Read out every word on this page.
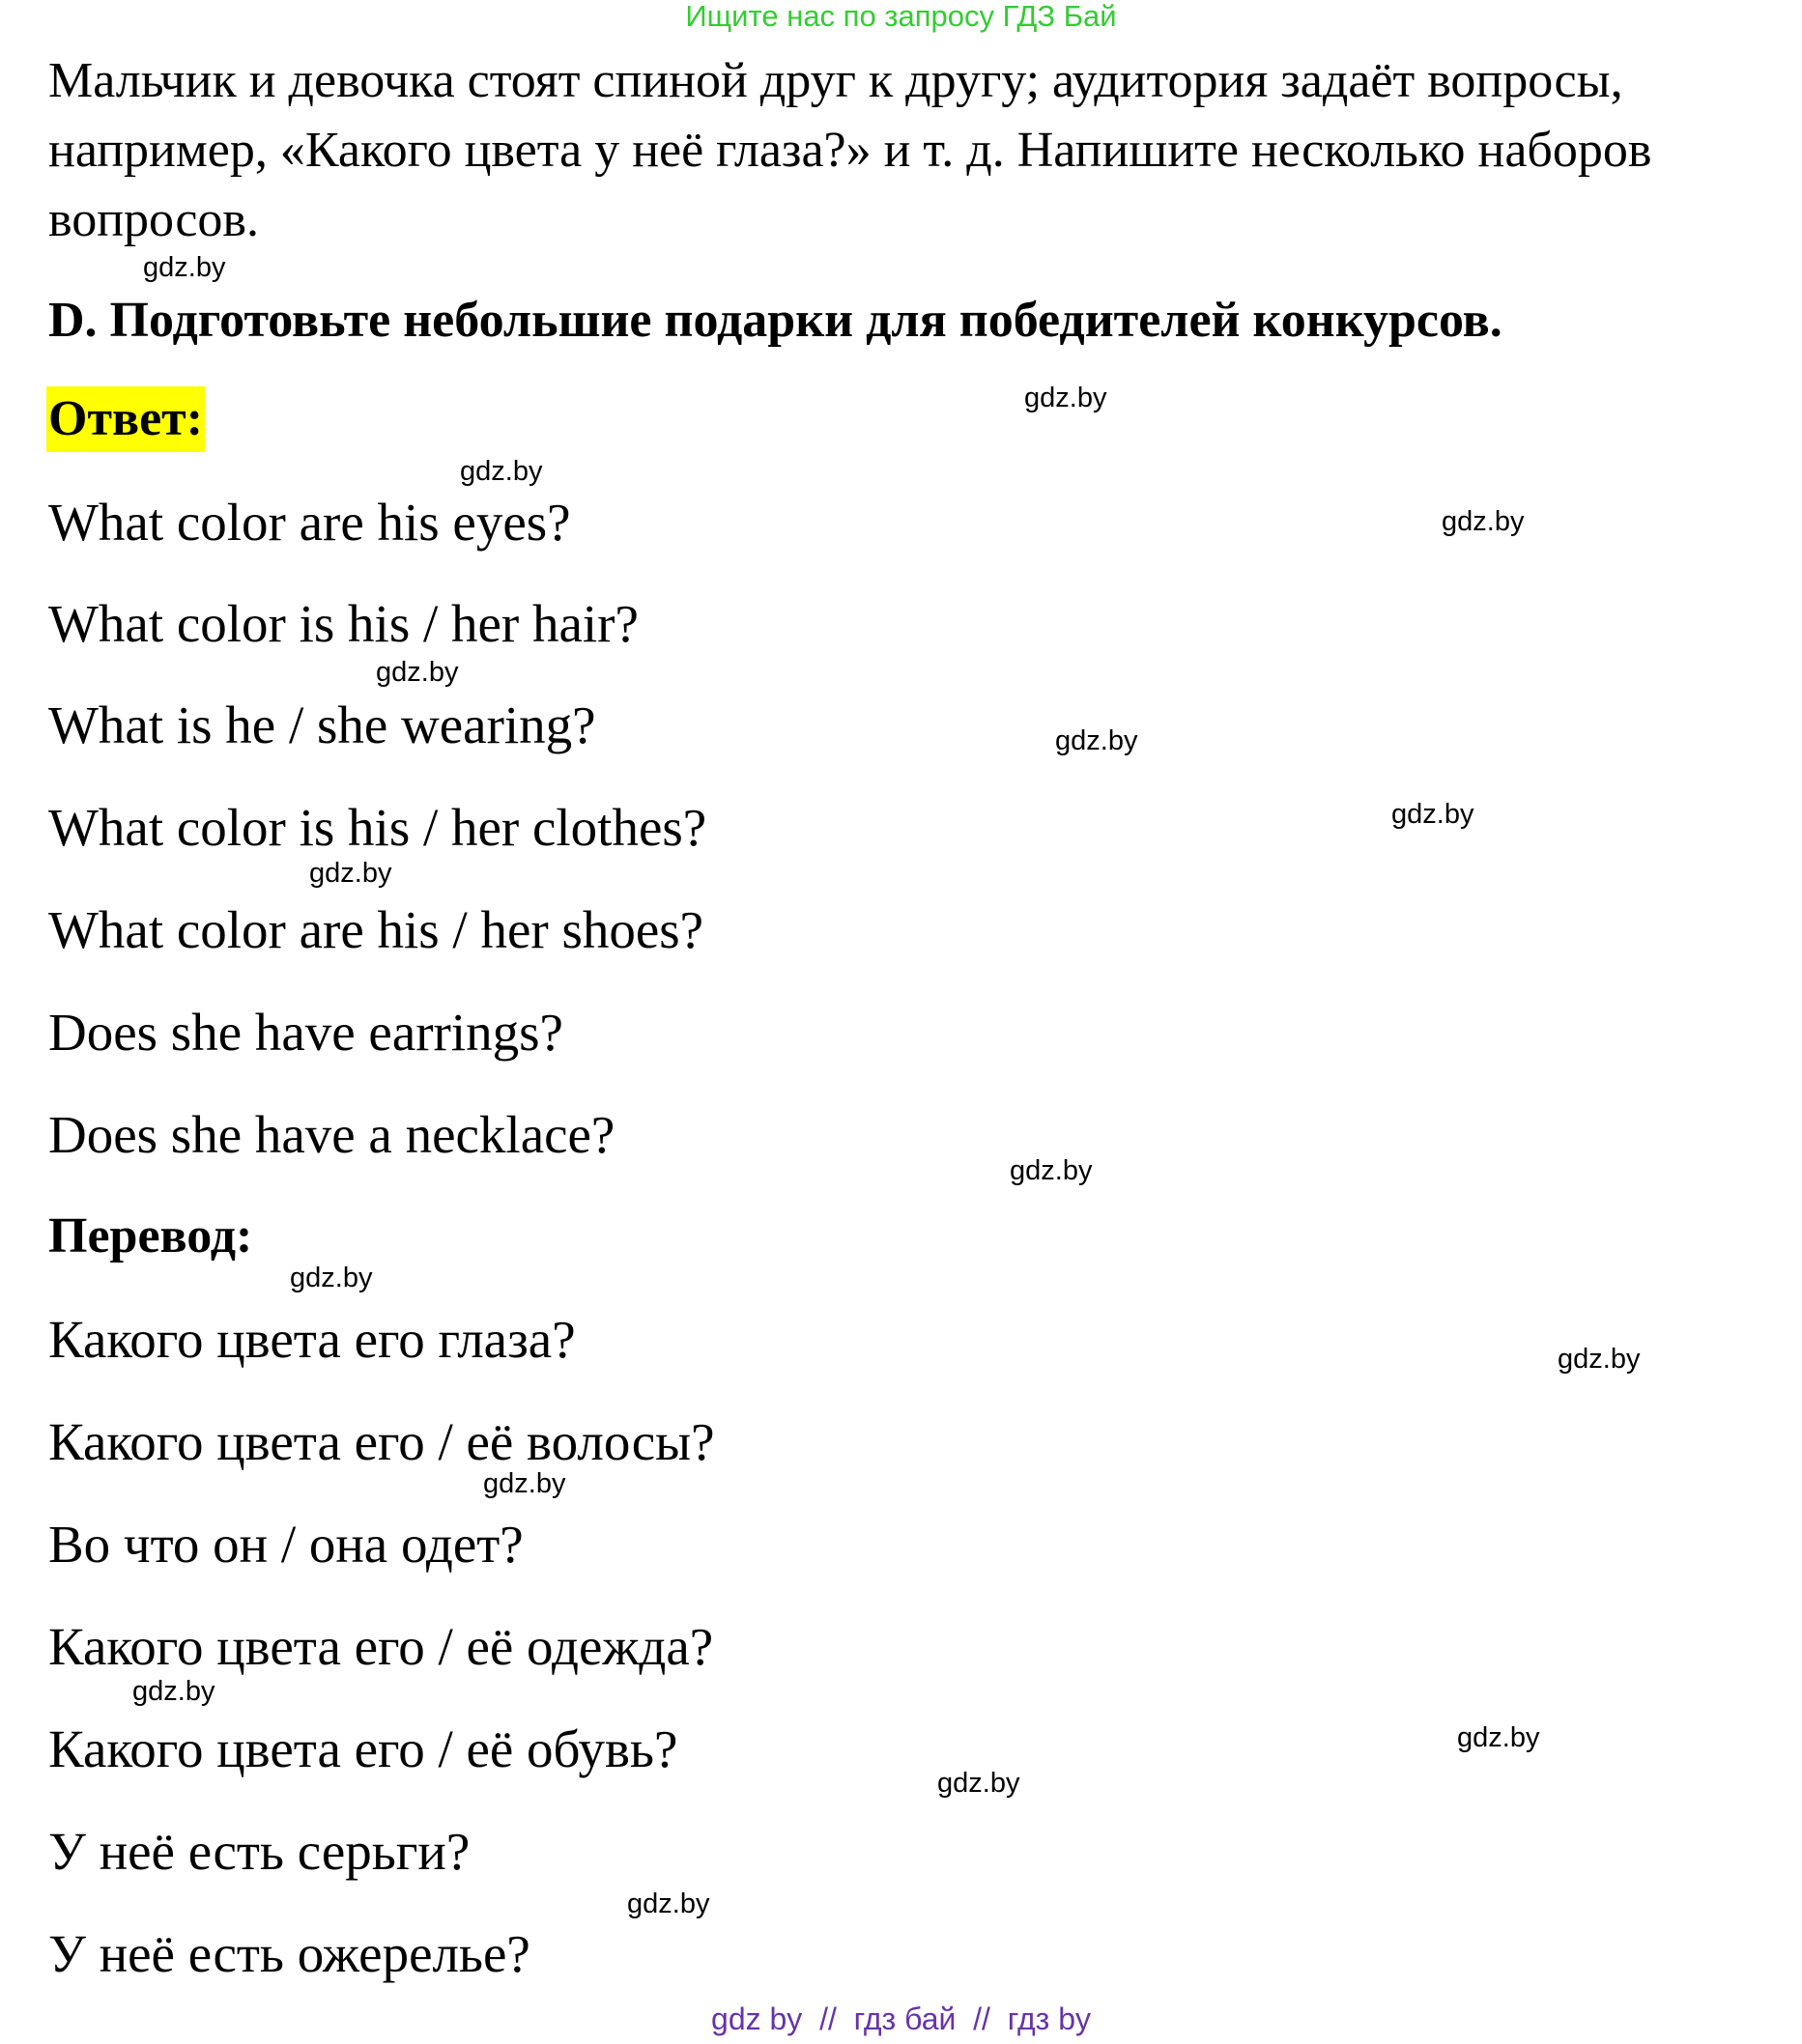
Ищите нас по запросу ГДЗ Бай

Мальчик и девочка стоят спиной друг к другу; аудитория задаёт вопросы, например, «Какого цвета у неё глаза?» и т. д. Напишите несколько наборов вопросов.

D. Подготовьте небольшие подарки для победителей конкурсов.

Ответ:
What color are his eyes?
What color is his / her hair?
What is he / she wearing?
What color is his / her clothes?
What color are his / her shoes?
Does she have earrings?
Does she have a necklace?
Перевод:
Какого цвета его глаза?
Какого цвета его / её волосы?
Во что он / она одет?
Какого цвета его / её одежда?
Какого цвета его / её обувь?
У неё есть серьги?
У неё есть ожерелье?
gdz.by
gdz.by
gdz.by
gdz.by
gdz.by
gdz.by
gdz.by
gdz.by
gdz.by
gdz.by
gdz.by
gdz.by
gdz.by
gdz.by
gdz.by
gdz.by
gdz by  //  гдз бай  //  гдз by
